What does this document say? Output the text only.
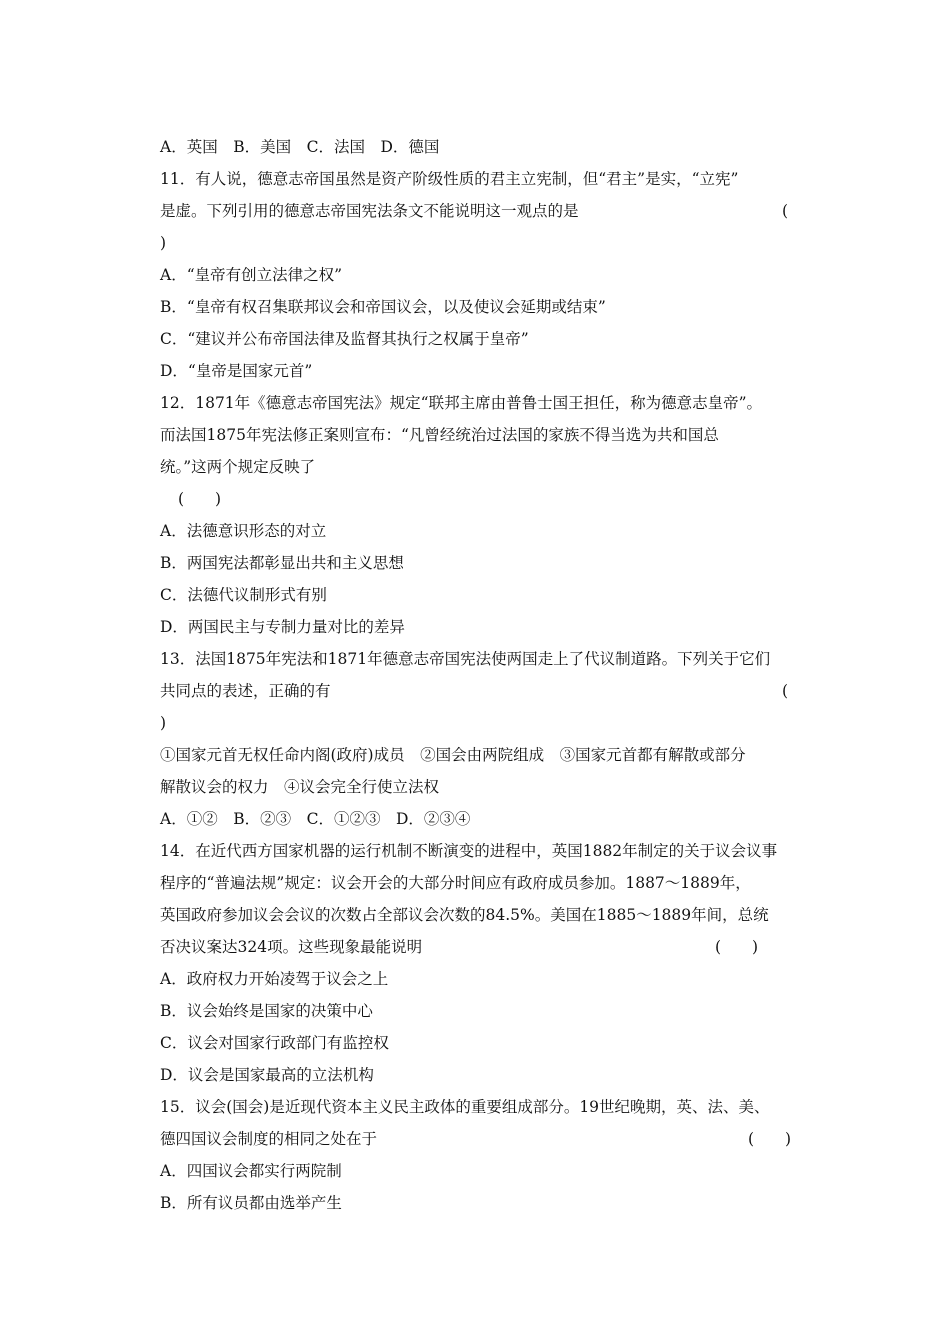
A．英国　B．美国　C．法国　D．德国
11．有人说，德意志帝国虽然是资产阶级性质的君主立宪制，但“君主”是实，“立宪”
是虚。下列引用的德意志帝国宪法条文不能说明这一观点的是	(
)
A．“皇帝有创立法律之权”
B．“皇帝有权召集联邦议会和帝国议会，以及使议会延期或结束”
C．“建议并公布帝国法律及监督其执行之权属于皇帝”
D．“皇帝是国家元首”
12．1871年《德意志帝国宪法》规定“联邦主席由普鲁士国王担任，称为德意志皇帝”。
而法国1875年宪法修正案则宣布：“凡曾经统治过法国的家族不得当选为共和国总
统。”这两个规定反映了
(　　)
A．法德意识形态的对立
B．两国宪法都彰显出共和主义思想
C．法德代议制形式有别
D．两国民主与专制力量对比的差异
13．法国1875年宪法和1871年德意志帝国宪法使两国走上了代议制道路。下列关于它们
共同点的表述，正确的有	(
)
①国家元首无权任命内阁(政府)成员　②国会由两院组成　③国家元首都有解散或部分
解散议会的权力　④议会完全行使立法权
A．①②　B．②③　C．①②③　D．②③④
14．在近代西方国家机器的运行机制不断演变的进程中，英国1882年制定的关于议会议事
程序的“普遍法规”规定：议会开会的大部分时间应有政府成员参加。1887～1889年，
英国政府参加议会会议的次数占全部议会次数的84.5%。美国在1885～1889年间，总统
否决议案达324项。这些现象最能说明	(　　)
A．政府权力开始凌驾于议会之上
B．议会始终是国家的决策中心
C．议会对国家行政部门有监控权
D．议会是国家最高的立法机构
15．议会(国会)是近现代资本主义民主政体的重要组成部分。19世纪晚期，英、法、美、
德四国议会制度的相同之处在于	(　　)
A．四国议会都实行两院制
B．所有议员都由选举产生
